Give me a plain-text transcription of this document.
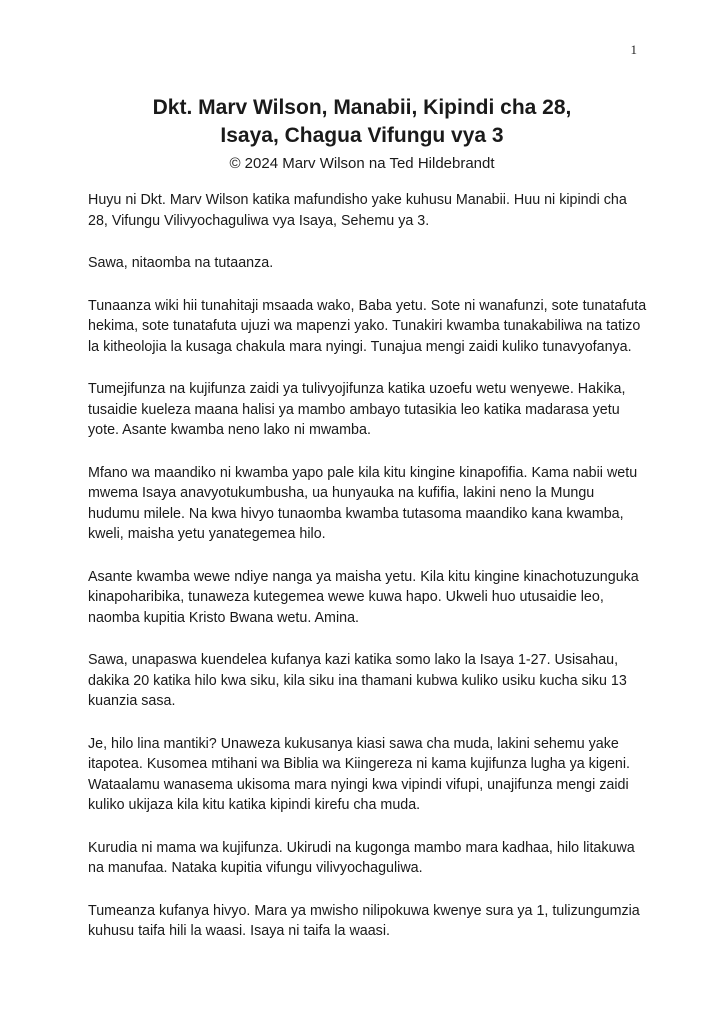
1

Dkt. Marv Wilson, Manabii, Kipindi cha 28,

Isaya, Chagua Vifungu vya 3

© 2024 Marv Wilson na Ted Hildebrandt

Huyu ni Dkt. Marv Wilson katika mafundisho yake kuhusu Manabii. Huu ni kipindi cha 28, Vifungu Vilivyochaguliwa vya Isaya, Sehemu ya 3.

Sawa, nitaomba na tutaanza.

Tunaanza wiki hii tunahitaji msaada wako, Baba yetu. Sote ni wanafunzi, sote tunatafuta hekima, sote tunatafuta ujuzi wa mapenzi yako. Tunakiri kwamba tunakabiliwa na tatizo la kitheolojia la kusaga chakula mara nyingi. Tunajua mengi zaidi kuliko tunavyofanya.

Tumejifunza na kujifunza zaidi ya tulivyojifunza katika uzoefu wetu wenyewe. Hakika, tusaidie kueleza maana halisi ya mambo ambayo tutasikia leo katika madarasa yetu yote. Asante kwamba neno lako ni mwamba.

Mfano wa maandiko ni kwamba yapo pale kila kitu kingine kinapofifia. Kama nabii wetu mwema Isaya anavyotukumbusha, ua hunyauka na kufifia, lakini neno la Mungu hudumu milele. Na kwa hivyo tunaomba kwamba tutasoma maandiko kana kwamba, kweli, maisha yetu yanategemea hilo.

Asante kwamba wewe ndiye nanga ya maisha yetu. Kila kitu kingine kinachotuzunguka kinapoharibika, tunaweza kutegemea wewe kuwa hapo. Ukweli huo utusaidie leo, naomba kupitia Kristo Bwana wetu. Amina.

Sawa, unapaswa kuendelea kufanya kazi katika somo lako la Isaya 1-27. Usisahau, dakika 20 katika hilo kwa siku, kila siku ina thamani kubwa kuliko usiku kucha siku 13 kuanzia sasa.

Je, hilo lina mantiki? Unaweza kukusanya kiasi sawa cha muda, lakini sehemu yake itapotea. Kusomea mtihani wa Biblia wa Kiingereza ni kama kujifunza lugha ya kigeni. Wataalamu wanasema ukisoma mara nyingi kwa vipindi vifupi, unajifunza mengi zaidi kuliko ukijaza kila kitu katika kipindi kirefu cha muda.

Kurudia ni mama wa kujifunza. Ukirudi na kugonga mambo mara kadhaa, hilo litakuwa na manufaa. Nataka kupitia vifungu vilivyochaguliwa.

Tumeanza kufanya hivyo. Mara ya mwisho nilipokuwa kwenye sura ya 1, tulizungumzia kuhusu taifa hili la waasi. Isaya ni taifa la waasi.
